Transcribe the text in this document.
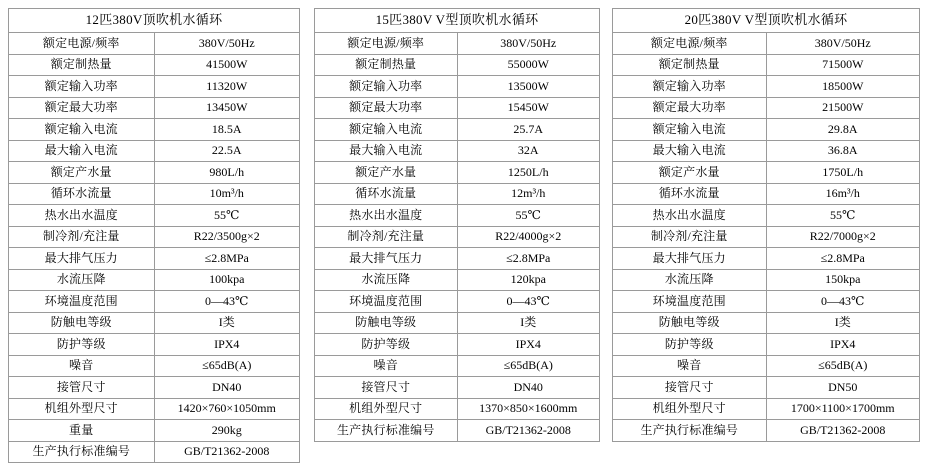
12匹380V顶吹机水循环	
额定电源/频率	380V/50Hz
额定制热量	41500W
额定输入功率	11320W
额定最大功率	13450W
额定输入电流	18.5A
最大输入电流	22.5A
额定产水量	980L/h
循环水流量	10m³/h
热水出水温度	55℃
制冷剂/充注量	R22/3500g×2
最大排气压力	≤2.8MPa
水流压降	100kpa
环境温度范围	0—43℃
防触电等级	I类
防护等级	IPX4
噪音	≤65dB(A)
接管尺寸	DN40
机组外型尺寸	1420×760×1050mm
重量	290kg
生产执行标准编号	GB/T21362-2008
15匹380V V型顶吹机水循环	
额定电源/频率	380V/50Hz
额定制热量	55000W
额定输入功率	13500W
额定最大功率	15450W
额定输入电流	25.7A
最大输入电流	32A
额定产水量	1250L/h
循环水流量	12m³/h
热水出水温度	55℃
制冷剂/充注量	R22/4000g×2
最大排气压力	≤2.8MPa
水流压降	120kpa
环境温度范围	0—43℃
防触电等级	I类
防护等级	IPX4
噪音	≤65dB(A)
接管尺寸	DN40
机组外型尺寸	1370×850×1600mm
生产执行标准编号	GB/T21362-2008
20匹380V V型顶吹机水循环	
额定电源/频率	380V/50Hz
额定制热量	71500W
额定输入功率	18500W
额定最大功率	21500W
额定输入电流	29.8A
最大输入电流	36.8A
额定产水量	1750L/h
循环水流量	16m³/h
热水出水温度	55℃
制冷剂/充注量	R22/7000g×2
最大排气压力	≤2.8MPa
水流压降	150kpa
环境温度范围	0—43℃
防触电等级	I类
防护等级	IPX4
噪音	≤65dB(A)
接管尺寸	DN50
机组外型尺寸	1700×1100×1700mm
生产执行标准编号	GB/T21362-2008
